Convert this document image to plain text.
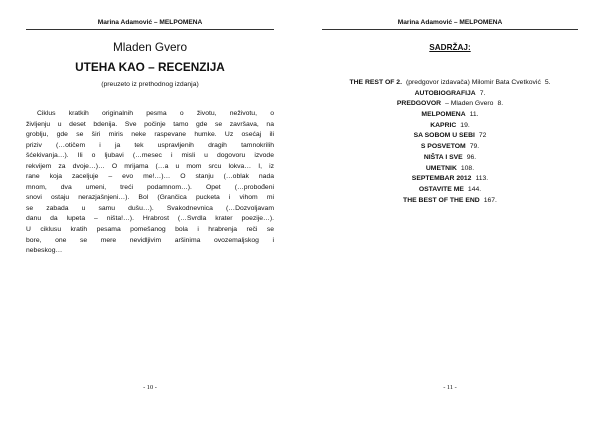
Marina Adamović – MELPOMENA
Mladen Gvero
UTEHA KAO – RECENZIJA
(preuzeto iz prethodnog izdanja)
Ciklus kratkih originalnih pesma o životu, neživotu, o
življenju u deset bdenija. Sve počinje tamo gde se završava, na
groblju, gde se širi miris neke raspevane humke. Uz osećaj ili
priziv (…otičem i ja tek uspravljenih dragih tamnokrilih
šćekivanja…). Ili o ljubavi (…mesec i misli u dogovoru izvode
rekvijem za dvoje…)… O mrijama (…a u mom srcu lokva… I, iz
rane koja zaceljuje – evo me!…)… O stanju (…oblak nada
mnom, dva umeni, treći podamnom…). Opet (…probođeni
snovi ostaju nerazjašnjeni…). Bol (Grančica pucketa i vihom mi
se zabada u samu dušu…). Svakodnevnica (…Dozvoljavam
danu da lupeta – ništa!…). Hrabrost (…Svrdla krater poezije…).
U ciklusu kratih pesama pomešanog bola i hrabrenja reči se
bore, one se mere nevidljivim aršinima ovozemaljskog i
nebeskog…
- 10 -
Marina Adamović – MELPOMENA
SADRŽAJ:
THE REST OF 2. (predgovor izdavača) Milomir Bata Cvetković 5.
AUTOBIOGRAFIJA 7.
PREDGOVOR – Mladen Gvero 8.
MELPOMENA 11.
KAPRIC 19.
SA SOBOM U SEBI 72
S POSVETOM 79.
NIŠTA I SVE 96.
UMETNIK 108.
SEPTEMBAR 2012 113.
OSTAVITE ME 144.
THE BEST OF THE END 167.
- 11 -
